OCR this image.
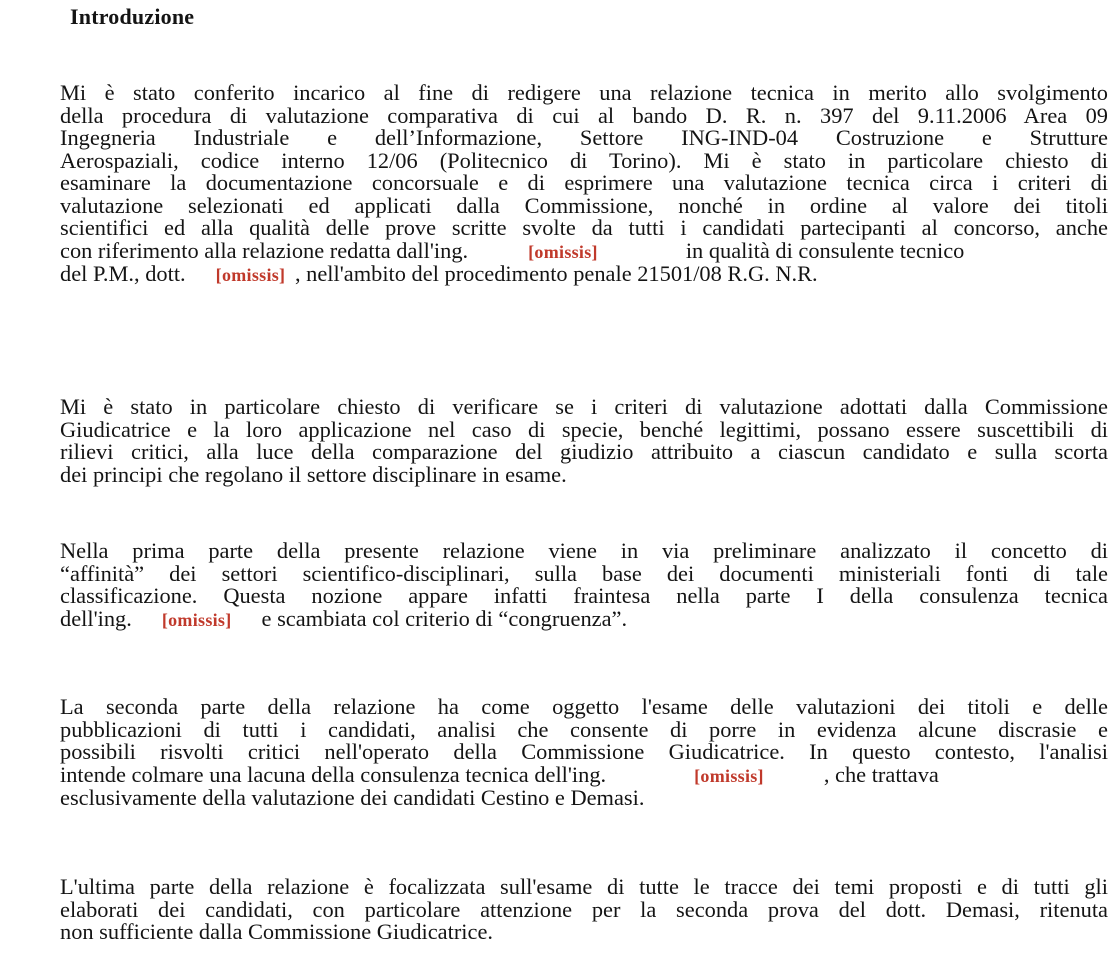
Introduzione
Mi è stato conferito incarico al fine di redigere una relazione tecnica in merito allo svolgimento
della procedura di valutazione comparativa di cui al bando D. R. n. 397 del 9.11.2006 Area 09
Ingegneria Industriale e dell’Informazione, Settore ING-IND-04 Costruzione e Strutture
Aerospaziali, codice interno 12/06 (Politecnico di Torino). Mi è stato in particolare chiesto di
esaminare la documentazione concorsuale e di esprimere una valutazione tecnica circa i criteri di
valutazione selezionati ed applicati dalla Commissione, nonché in ordine al valore dei titoli
scientifici ed alla qualità delle prove scritte svolte da tutti i candidati partecipanti al concorso, anche
con riferimento alla relazione redatta dall'ing.	[omissis]	in qualità di consulente tecnico
del P.M., dott. [omissis] , nell'ambito del procedimento penale 21501/08 R.G. N.R.
Mi è stato in particolare chiesto di verificare se i criteri di valutazione adottati dalla Commissione
Giudicatrice e la loro applicazione nel caso di specie, benché legittimi, possano essere suscettibili di
rilievi critici, alla luce della comparazione del giudizio attribuito a ciascun candidato e sulla scorta
dei principi che regolano il settore disciplinare in esame.
Nella prima parte della presente relazione viene in via preliminare analizzato il concetto di
“affinità” dei settori scientifico-disciplinari, sulla base dei documenti ministeriali fonti di tale
classificazione. Questa nozione appare infatti fraintesa nella parte I della consulenza tecnica
dell'ing. [omissis] e scambiata col criterio di “congruenza”.
La seconda parte della relazione ha come oggetto l'esame delle valutazioni dei titoli e delle
pubblicazioni di tutti i candidati, analisi che consente di porre in evidenza alcune discrasie e
possibili risvolti critici nell'operato della Commissione Giudicatrice. In questo contesto, l'analisi
intende colmare una lacuna della consulenza tecnica dell'ing.	[omissis]	, che trattava
esclusivamente della valutazione dei candidati Cestino e Demasi.
L'ultima parte della relazione è focalizzata sull'esame di tutte le tracce dei temi proposti e di tutti gli
elaborati dei candidati, con particolare attenzione per la seconda prova del dott. Demasi, ritenuta
non sufficiente dalla Commissione Giudicatrice.
